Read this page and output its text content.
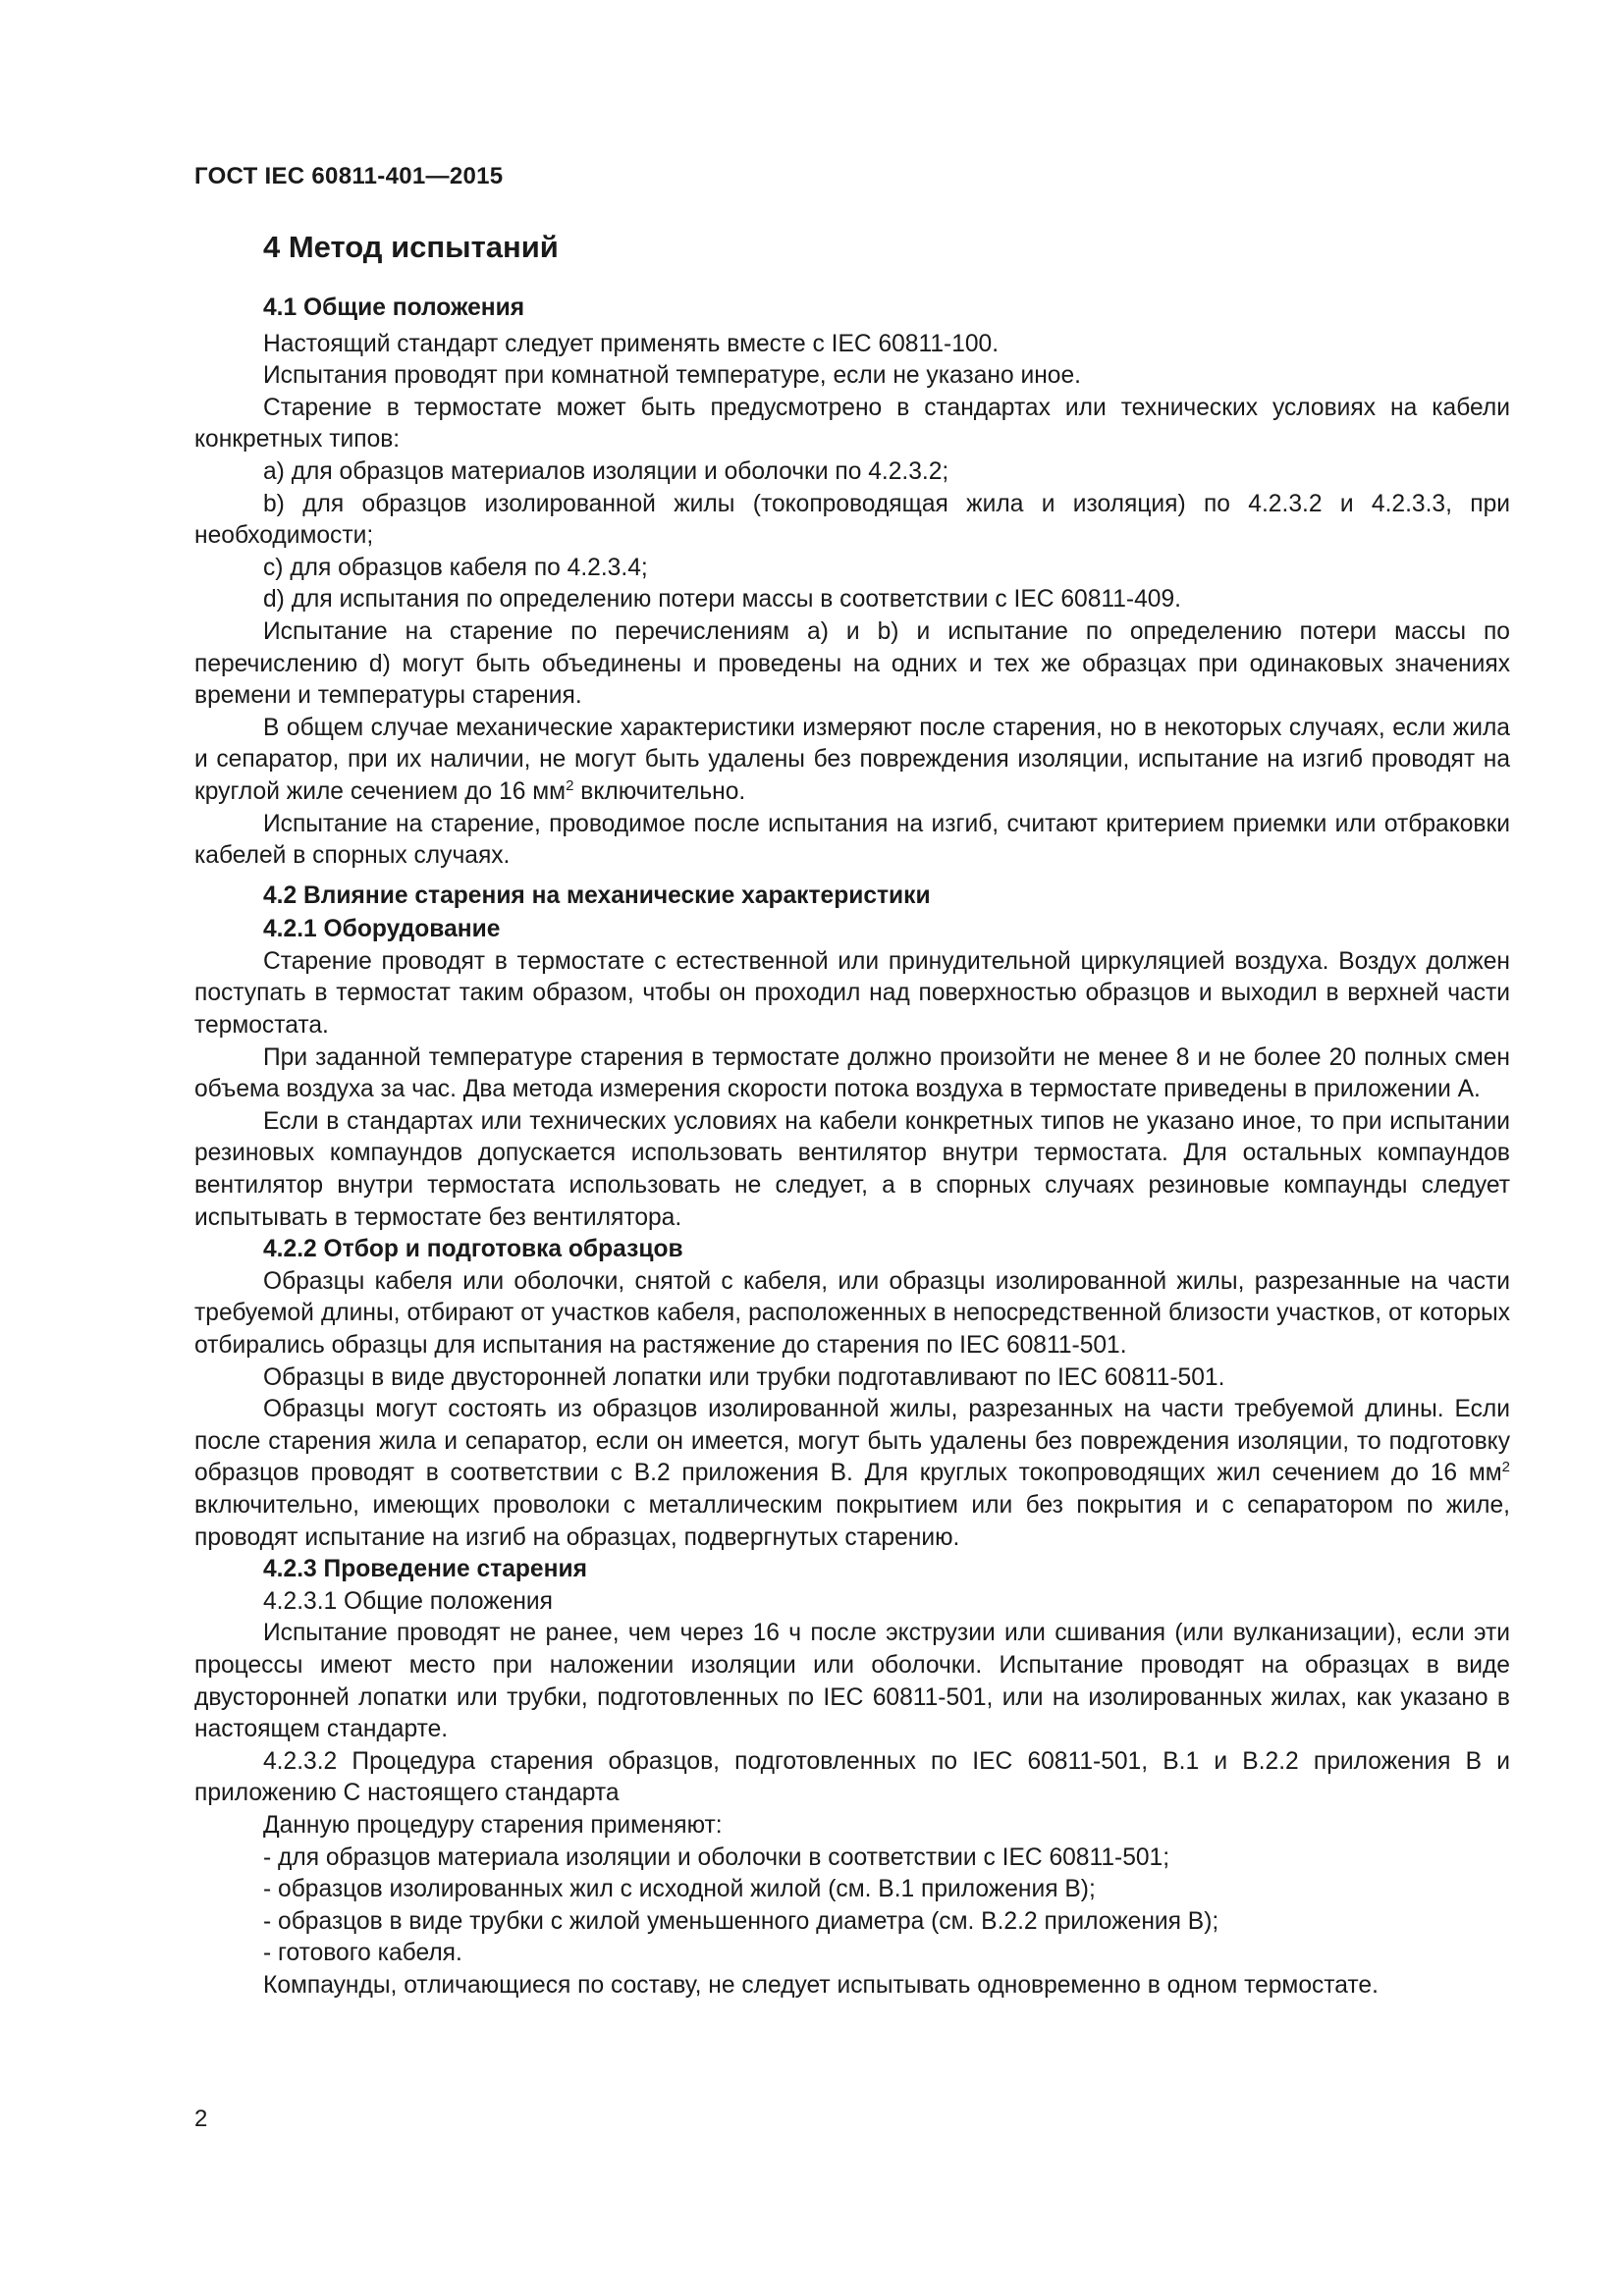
ГОСТ IEC 60811-401—2015
4 Метод испытаний
4.1 Общие положения

Настоящий стандарт следует применять вместе с IEC 60811-100.

Испытания проводят при комнатной температуре, если не указано иное.

Старение в термостате может быть предусмотрено в стандартах или технических условиях на кабели конкретных типов:

a) для образцов материалов изоляции и оболочки по 4.2.3.2;

b) для образцов изолированной жилы (токопроводящая жила и изоляция) по 4.2.3.2 и 4.2.3.3, при необходимости;

c) для образцов кабеля по 4.2.3.4;

d) для испытания по определению потери массы в соответствии с IEC 60811-409.

Испытание на старение по перечислениям а) и b) и испытание по определению потери массы по перечислению d) могут быть объединены и проведены на одних и тех же образцах при одинаковых значениях времени и температуры старения.

В общем случае механические характеристики измеряют после старения, но в некоторых случаях, если жила и сепаратор, при их наличии, не могут быть удалены без повреждения изоляции, испытание на изгиб проводят на круглой жиле сечением до 16 $мм^2$ включительно.

Испытание на старение, проводимое после испытания на изгиб, считают критерием приемки или отбраковки кабелей в спорных случаях.

4.2 Влияние старения на механические характеристики
4.2.1 Оборудование

Старение проводят в термостате с естественной или принудительной циркуляцией воздуха. Воздух должен поступать в термостат таким образом, чтобы он проходил над поверхностью образцов и выходил в верхней части термостата.

При заданной температуре старения в термостате должно произойти не менее 8 и не более 20 полных смен объема воздуха за час. Два метода измерения скорости потока воздуха в термостате приведены в приложении А.

Если в стандартах или технических условиях на кабели конкретных типов не указано иное, то при испытании резиновых компаундов допускается использовать вентилятор внутри термостата. Для остальных компаундов вентилятор внутри термостата использовать не следует, а в спорных случаях резиновые компаунды следует испытывать в термостате без вентилятора.

4.2.2 Отбор и подготовка образцов

Образцы кабеля или оболочки, снятой с кабеля, или образцы изолированной жилы, разрезанные на части требуемой длины, отбирают от участков кабеля, расположенных в непосредственной близости участков, от которых отбирались образцы для испытания на растяжение до старения по IEC 60811-501.

Образцы в виде двусторонней лопатки или трубки подготавливают по IEC 60811-501.

Образцы могут состоять из образцов изолированной жилы, разрезанных на части требуемой длины. Если после старения жила и сепаратор, если он имеется, могут быть удалены без повреждения изоляции, то подготовку образцов проводят в соответствии с В.2 приложения В. Для круглых токопроводящих жил сечением до 16 $мм^2$ включительно, имеющих проволоки с металлическим покрытием или без покрытия и с сепаратором по жиле, проводят испытание на изгиб на образцах, подвергнутых старению.

4.2.3 Проведение старения

4.2.3.1 Общие положения

Испытание проводят не ранее, чем через 16 ч после экструзии или сшивания (или вулканизации), если эти процессы имеют место при наложении изоляции или оболочки. Испытание проводят на образцах в виде двусторонней лопатки или трубки, подготовленных по IEC 60811-501, или на изолированных жилах, как указано в настоящем стандарте.

4.2.3.2 Процедура старения образцов, подготовленных по IEC 60811-501, В.1 и В.2.2 приложения В и приложению С настоящего стандарта

Данную процедуру старения применяют:

- для образцов материала изоляции и оболочки в соответствии с IEC 60811-501;

- образцов изолированных жил с исходной жилой (см. В.1 приложения В);

- образцов в виде трубки с жилой уменьшенного диаметра (см. В.2.2 приложения В);

- готового кабеля.

Компаунды, отличающиеся по составу, не следует испытывать одновременно в одном термостате.

2
